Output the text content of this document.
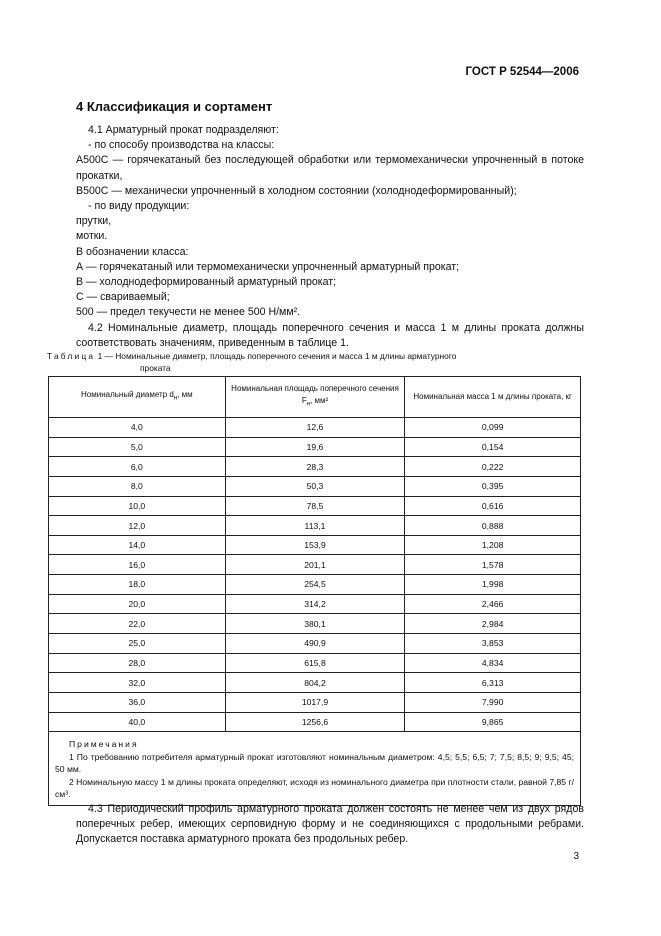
ГОСТ Р 52544—2006
4 Классификация и сортамент

4.1 Арматурный прокат подразделяют:

- по способу производства на классы:

А500С — горячекатаный без последующей обработки или термомеханически упрочненный в потоке прокатки,

В500С — механически упрочненный в холодном состоянии (холоднодеформированный);

- по виду продукции:

прутки,

мотки.

В обозначении класса:

А — горячекатаный или термомеханически упрочненный арматурный прокат;

В — холоднодеформированный арматурный прокат;

С — свариваемый;

500 — предел текучести не менее 500 Н/мм².

4.2 Номинальные диаметр, площадь поперечного сечения и масса 1 м длины проката должны соответствовать значениям, приведенным в таблице 1.

Таблица 1 — Номинальные диаметр, площадь поперечного сечения и масса 1 м длины арматурного
проката
Номинальный диаметр $d_н$, мм	Номинальная площадь поперечного сечения $F_н$, мм²	Номинальная масса 1 м длины проката, кг
4,0	12,6	0,099
5,0	19,6	0,154
6,0	28,3	0,222
8,0	50,3	0,395
10,0	78,5	0,616
12,0	113,1	0,888
14,0	153,9	1,208
16,0	201,1	1,578
18,0	254,5	1,998
20,0	314,2	2,466
22,0	380,1	2,984
25,0	490,9	3,853
28,0	615,8	4,834
32,0	804,2	6,313
36,0	1017,9	7,990
40,0	1256,6	9,865

Примечания
1 По требованию потребителя арматурный прокат изготовляют номинальным диаметром: 4,5; 5,5; 6,5; 7; 7,5; 8,5; 9; 9,5; 45; 50 мм.
2 Номинальную массу 1 м длины проката определяют, исходя из номинального диаметра при плотности стали, равной 7,85 г/см³.		

4.3 Периодический профиль арматурного проката должен состоять не менее чем из двух рядов поперечных ребер, имеющих серповидную форму и не соединяющихся с продольными ребрами. Допускается поставка арматурного проката без продольных ребер.

3
